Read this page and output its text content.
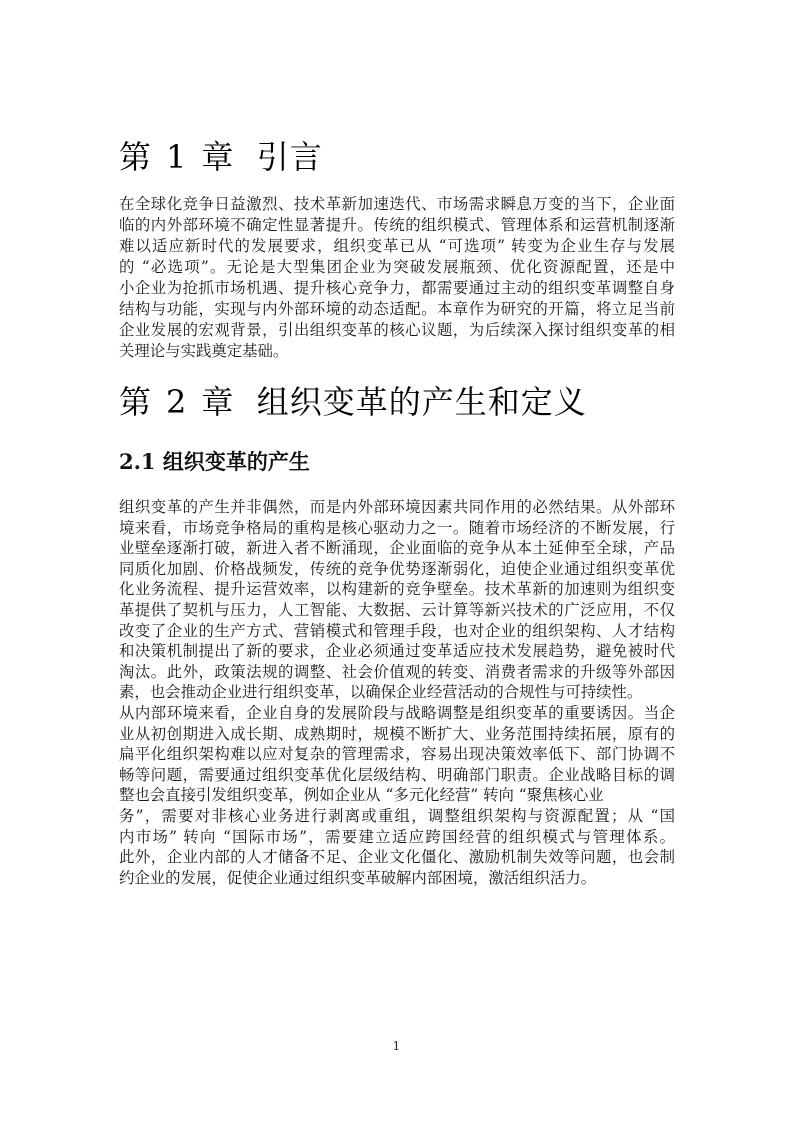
第 1 章 引言

在全球化竞争日益激烈、技术革新加速迭代、市场需求瞬息万变的当下，企业面
临的内外部环境不确定性显著提升。传统的组织模式、管理体系和运营机制逐渐
难以适应新时代的发展要求，组织变革已从 “可选项” 转变为企业生存与发展
的 “必选项”。无论是大型集团企业为突破发展瓶颈、优化资源配置，还是中
小企业为抢抓市场机遇、提升核心竞争力，都需要通过主动的组织变革调整自身
结构与功能，实现与内外部环境的动态适配。本章作为研究的开篇，将立足当前
企业发展的宏观背景，引出组织变革的核心议题，为后续深入探讨组织变革的相
关理论与实践奠定基础。

第 2 章 组织变革的产生和定义
2.1 组织变革的产生

组织变革的产生并非偶然，而是内外部环境因素共同作用的必然结果。从外部环
境来看，市场竞争格局的重构是核心驱动力之一。随着市场经济的不断发展，行
业壁垒逐渐打破，新进入者不断涌现，企业面临的竞争从本土延伸至全球，产品
同质化加剧、价格战频发，传统的竞争优势逐渐弱化，迫使企业通过组织变革优
化业务流程、提升运营效率，以构建新的竞争壁垒。技术革新的加速则为组织变
革提供了契机与压力，人工智能、大数据、云计算等新兴技术的广泛应用，不仅
改变了企业的生产方式、营销模式和管理手段，也对企业的组织架构、人才结构
和决策机制提出了新的要求，企业必须通过变革适应技术发展趋势，避免被时代
淘汰。此外，政策法规的调整、社会价值观的转变、消费者需求的升级等外部因
素，也会推动企业进行组织变革，以确保企业经营活动的合规性与可持续性。
从内部环境来看，企业自身的发展阶段与战略调整是组织变革的重要诱因。当企
业从初创期进入成长期、成熟期时，规模不断扩大、业务范围持续拓展，原有的
扁平化组织架构难以应对复杂的管理需求，容易出现决策效率低下、部门协调不
畅等问题，需要通过组织变革优化层级结构、明确部门职责。企业战略目标的调
整也会直接引发组织变革，例如企业从 “多元化经营” 转向 “聚焦核心业
务”，需要对非核心业务进行剥离或重组，调整组织架构与资源配置；从 “国
内市场” 转向 “国际市场”，需要建立适应跨国经营的组织模式与管理体系。
此外，企业内部的人才储备不足、企业文化僵化、激励机制失效等问题，也会制
约企业的发展，促使企业通过组织变革破解内部困境，激活组织活力。

1
